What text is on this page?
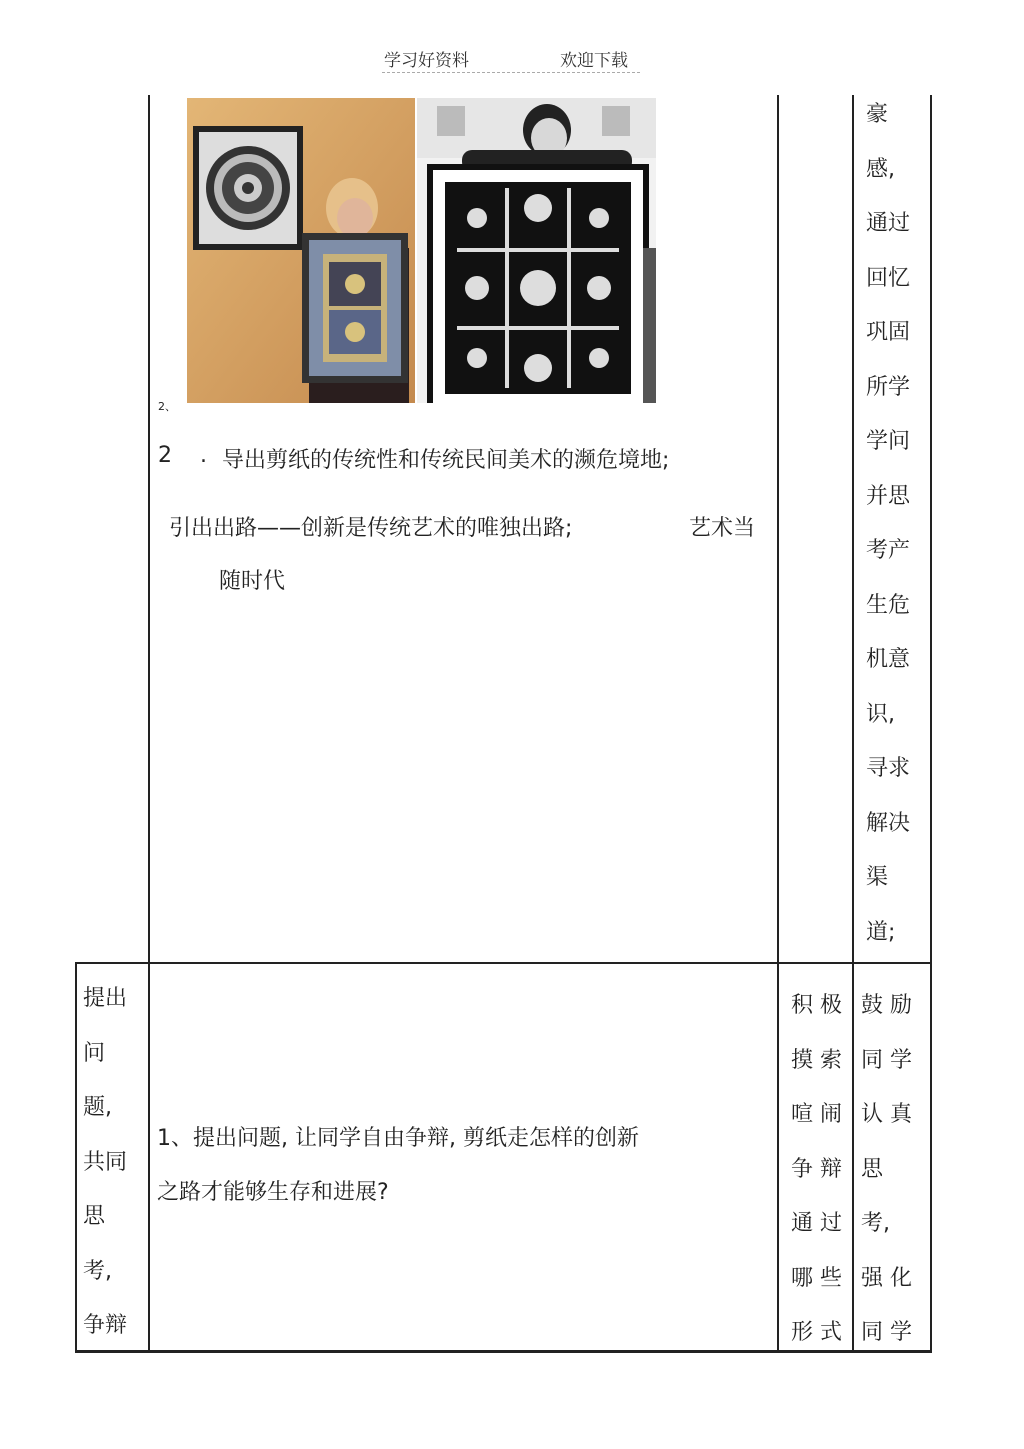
学习好资料	欢迎下载
2、
2 . 导出剪纸的传统性和传统民间美术的濒危境地;
引出出路——创新是传统艺术的唯独出路;	艺术当
随时代
豪
感,
通过
回忆
巩固
所学
学问
并思
考产
生危
机意
识,
寻求
解决
渠
道;
提出
问
题,
共同
思
考,
争辩
1、提出问题, 让同学自由争辩, 剪纸走怎样的创新
之路才能够生存和进展?
积 极
摸 索
喧 闹
争 辩
通 过
哪 些
形 式
鼓 励
同 学
认 真
思
考,
强 化
同 学
